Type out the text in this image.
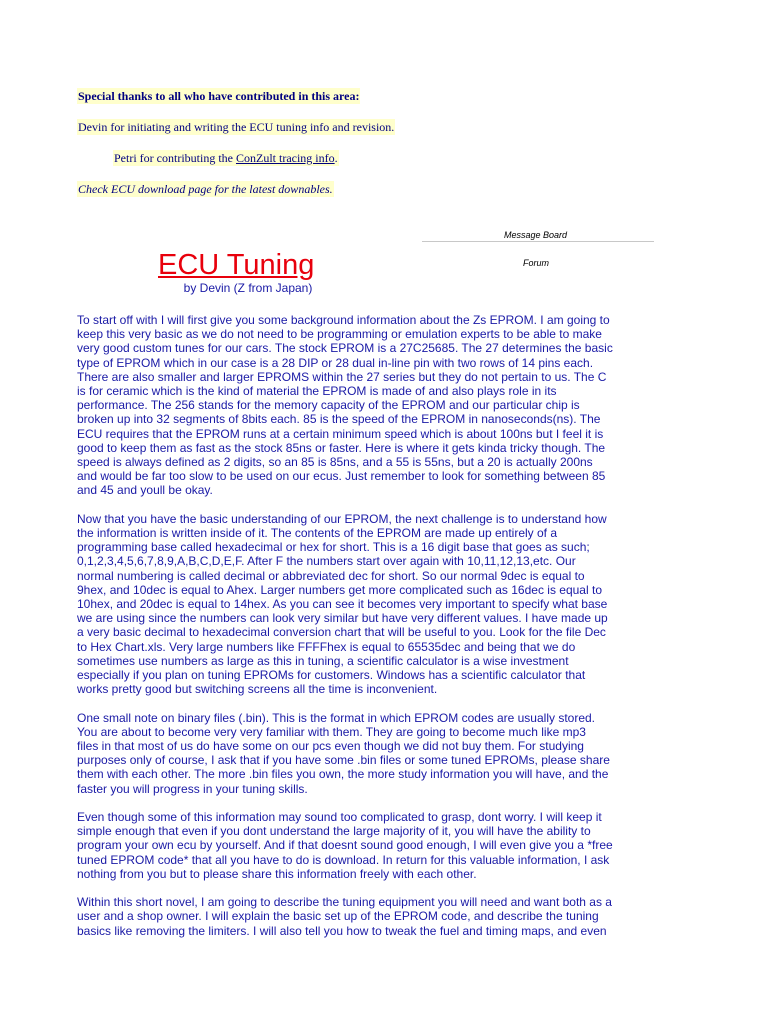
Special thanks to all who have contributed in this area:
Devin for initiating and writing the ECU tuning info and revision.
Petri for contributing the ConZult tracing info.
Check ECU download page for the latest downables.
Message Board
Forum
ECU Tuning
by Devin (Z from Japan)

To start off with I will first give you some background information about the Zs EPROM. I am going to
keep this very basic as we do not need to be programming or emulation experts to be able to make
very good custom tunes for our cars. The stock EPROM is a 27C25685. The 27 determines the basic
type of EPROM which in our case is a 28 DIP or 28 dual in-line pin with two rows of 14 pins each.
There are also smaller and larger EPROMS within the 27 series but they do not pertain to us. The C
is for ceramic which is the kind of material the EPROM is made of and also plays role in its
performance. The 256 stands for the memory capacity of the EPROM and our particular chip is
broken up into 32 segments of 8bits each. 85 is the speed of the EPROM in nanoseconds(ns). The
ECU requires that the EPROM runs at a certain minimum speed which is about 100ns but I feel it is
good to keep them as fast as the stock 85ns or faster. Here is where it gets kinda tricky though. The
speed is always defined as 2 digits, so an 85 is 85ns, and a 55 is 55ns, but a 20 is actually 200ns
and would be far too slow to be used on our ecus. Just remember to look for something between 85
and 45 and youll be okay.

Now that you have the basic understanding of our EPROM, the next challenge is to understand how
the information is written inside of it. The contents of the EPROM are made up entirely of a
programming base called hexadecimal or hex for short. This is a 16 digit base that goes as such;
0,1,2,3,4,5,6,7,8,9,A,B,C,D,E,F. After F the numbers start over again with 10,11,12,13,etc. Our
normal numbering is called decimal or abbreviated dec for short. So our normal 9dec is equal to
9hex, and 10dec is equal to Ahex. Larger numbers get more complicated such as 16dec is equal to
10hex, and 20dec is equal to 14hex. As you can see it becomes very important to specify what base
we are using since the numbers can look very similar but have very different values. I have made up
a very basic decimal to hexadecimal conversion chart that will be useful to you. Look for the file Dec
to Hex Chart.xls. Very large numbers like FFFFhex is equal to 65535dec and being that we do
sometimes use numbers as large as this in tuning, a scientific calculator is a wise investment
especially if you plan on tuning EPROMs for customers. Windows has a scientific calculator that
works pretty good but switching screens all the time is inconvenient.

One small note on binary files (.bin). This is the format in which EPROM codes are usually stored.
You are about to become very very familiar with them. They are going to become much like mp3
files in that most of us do have some on our pcs even though we did not buy them. For studying
purposes only of course, I ask that if you have some .bin files or some tuned EPROMs, please share
them with each other. The more .bin files you own, the more study information you will have, and the
faster you will progress in your tuning skills.

Even though some of this information may sound too complicated to grasp, dont worry. I will keep it
simple enough that even if you dont understand the large majority of it, you will have the ability to
program your own ecu by yourself. And if that doesnt sound good enough, I will even give you a *free
tuned EPROM code* that all you have to do is download. In return for this valuable information, I ask
nothing from you but to please share this information freely with each other.

Within this short novel, I am going to describe the tuning equipment you will need and want both as a
user and a shop owner. I will explain the basic set up of the EPROM code, and describe the tuning
basics like removing the limiters. I will also tell you how to tweak the fuel and timing maps, and even
